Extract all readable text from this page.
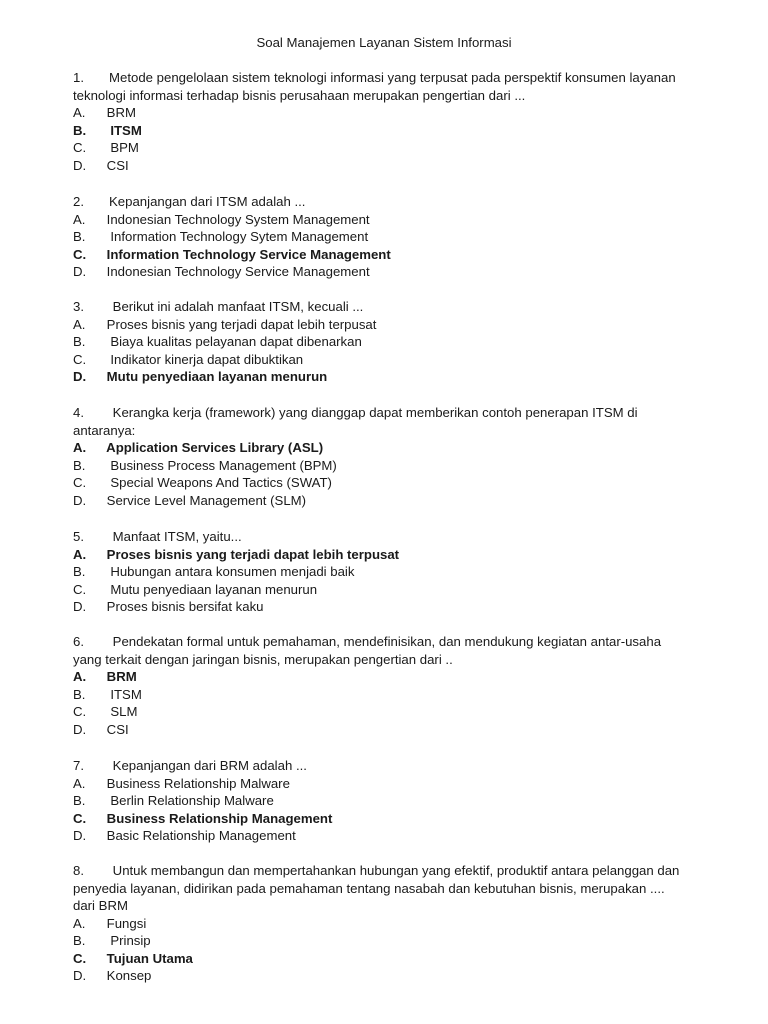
Soal Manajemen Layanan Sistem Informasi
1. Metode pengelolaan sistem teknologi informasi yang terpusat pada perspektif konsumen layanan
teknologi informasi terhadap bisnis perusahaan merupakan pengertian dari ...
A. BRM
B.  ITSM
C.  BPM
D. CSI
2. Kepanjangan dari ITSM adalah ...
A. Indonesian Technology System Management
B.  Information Technology Sytem Management
C. Information Technology Service Management
D. Indonesian Technology Service Management
3. Berikut ini adalah manfaat ITSM, kecuali ...
A. Proses bisnis yang terjadi dapat lebih terpusat
B.  Biaya kualitas pelayanan dapat dibenarkan
C.  Indikator kinerja dapat dibuktikan
D. Mutu penyediaan layanan menurun
4. Kerangka kerja (framework) yang dianggap dapat memberikan contoh penerapan ITSM di
antaranya:
A. Application Services Library (ASL)
B.  Business Process Management (BPM)
C.  Special Weapons And Tactics (SWAT)
D. Service Level Management (SLM)
5. Manfaat ITSM, yaitu...
A. Proses bisnis yang terjadi dapat lebih terpusat
B.  Hubungan antara konsumen menjadi baik
C.  Mutu penyediaan layanan menurun
D. Proses bisnis bersifat kaku
6. Pendekatan formal untuk pemahaman, mendefinisikan, dan mendukung kegiatan antar-usaha
yang terkait dengan jaringan bisnis, merupakan pengertian dari ..
A. BRM
B.  ITSM
C.  SLM
D. CSI
7. Kepanjangan dari BRM adalah ...
A. Business Relationship Malware
B.  Berlin Relationship Malware
C. Business Relationship Management
D. Basic Relationship Management
8. Untuk membangun dan mempertahankan hubungan yang efektif, produktif antara pelanggan dan
penyedia layanan, didirikan pada pemahaman tentang nasabah dan kebutuhan bisnis, merupakan ....
dari BRM
A. Fungsi
B.  Prinsip
C. Tujuan Utama
D. Konsep
